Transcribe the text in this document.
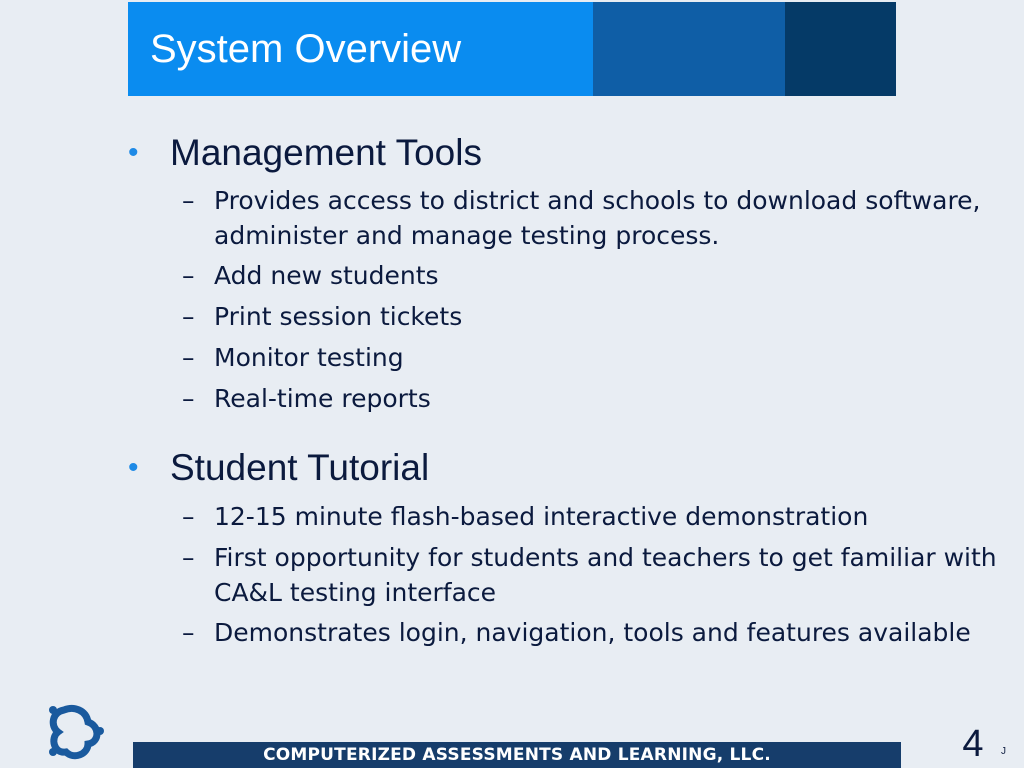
System Overview
• Management Tools
– Provides access to district and schools to download software, administer and manage testing process.
– Add new students
– Print session tickets
– Monitor testing
– Real-time reports
• Student Tutorial
– 12-15 minute flash-based interactive demonstration
– First opportunity for students and teachers to get familiar with CA&L testing interface
– Demonstrates login, navigation, tools and features available
COMPUTERIZED ASSESSMENTS AND LEARNING, LLC.	4	J
